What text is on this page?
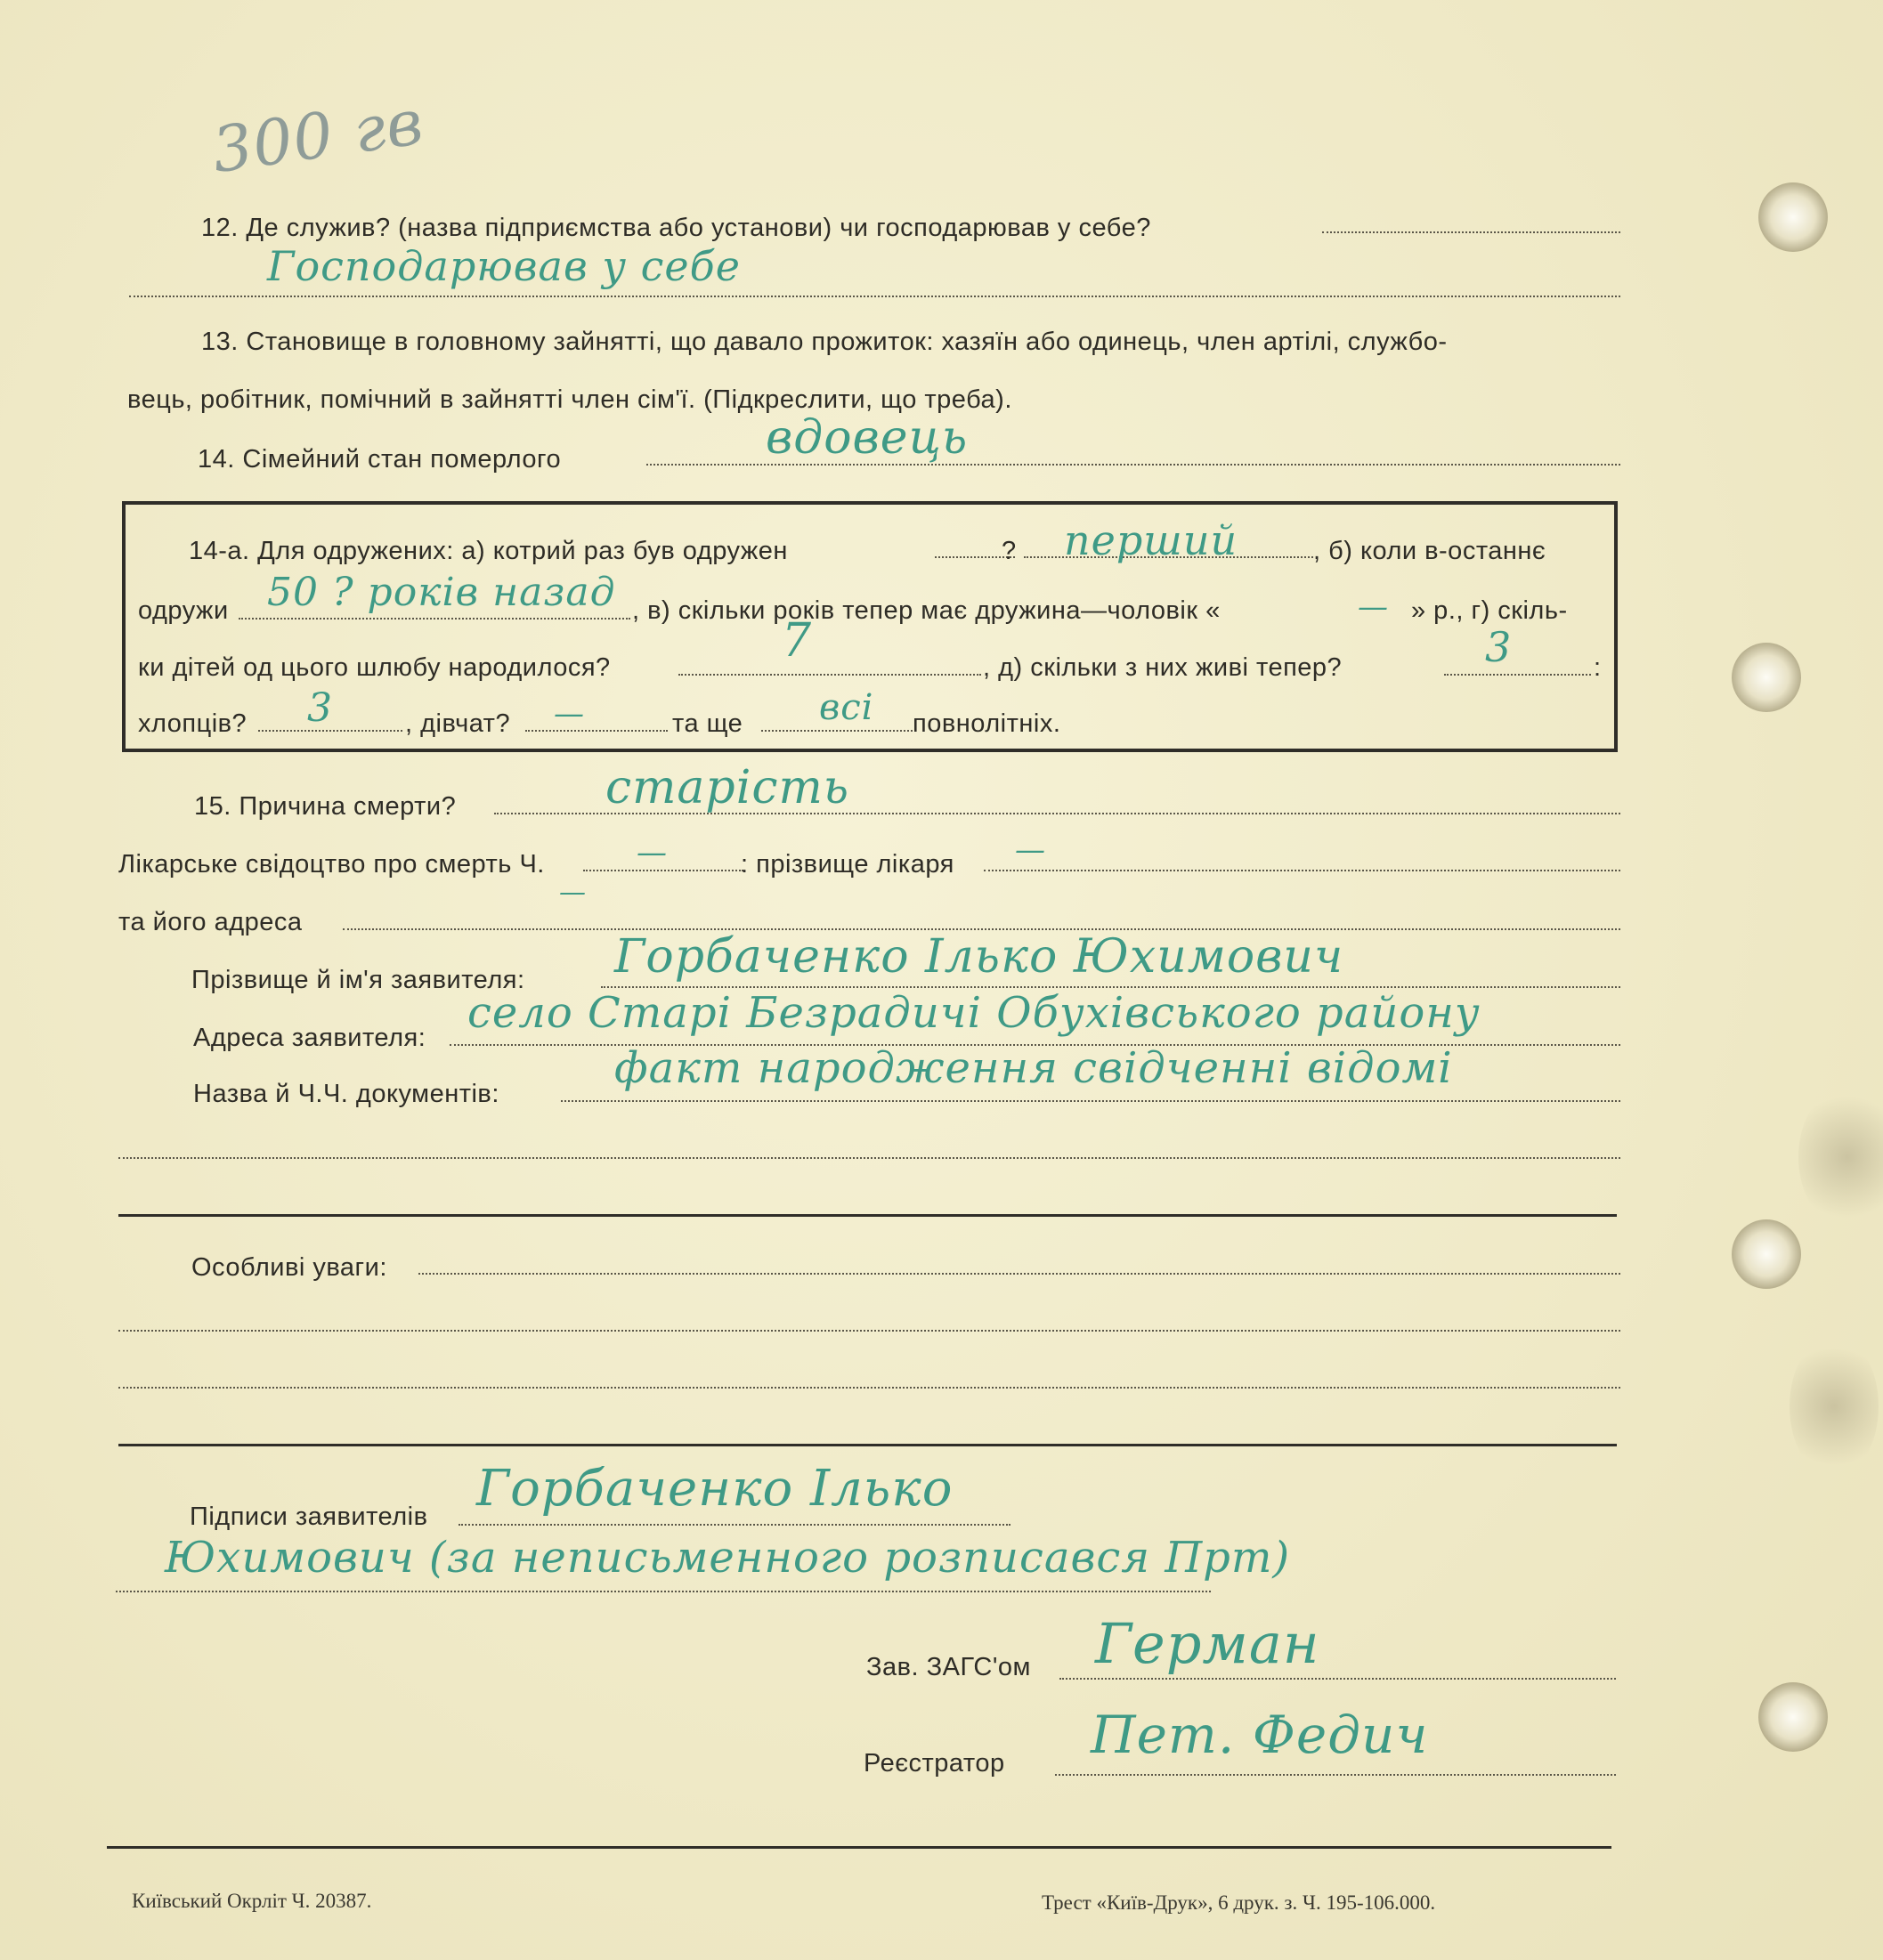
300 гв
12. Де служив? (назва підприємства або установи) чи господарював у себе?
Господарював у себе
13. Становище в головному зайнятті, що давало прожиток: хазяїн або одинець, член артілі, службо-
вець, робітник, помічний в зайнятті член сім'ї. (Підкреслити, що треба).
14. Сімейний стан померлого	вдовець
14-а. Для одружених: а) котрий раз був одружен	? перший	, б) коли в-останнє
одружи 50 ? років назад , в) скільки років тепер має дружина—чоловік «	— » р., г) скіль-
ки дітей од цього шлюбу народилося?	7	, д) скільки з них живі тепер?	3	:
хлопців? 3	, дівчат? —	та ще всі повнолітніх.
15. Причина смерти?	старість
Лікарське свідоцтво про смерть Ч.	—	: прізвище лікаря —
та його адреса
—
Прізвище й ім'я заявителя: Горбаченко Ілько Юхимович
Адреса заявителя: село Старі Безрадичі Обухівського району
Назва й Ч.Ч. документів:
факт народження свідченні відомі
Особливі уваги:
Підписи заявителів Горбаченко Ілько
Юхимович (за неписьменного розписався Прт)
Зав. ЗАГС'ом Герман
Реєстратор Пет. Федич
Київський Окрліт Ч. 20387.	Трест «Київ-Друк», 6 друк. з. Ч. 195-106.000.
